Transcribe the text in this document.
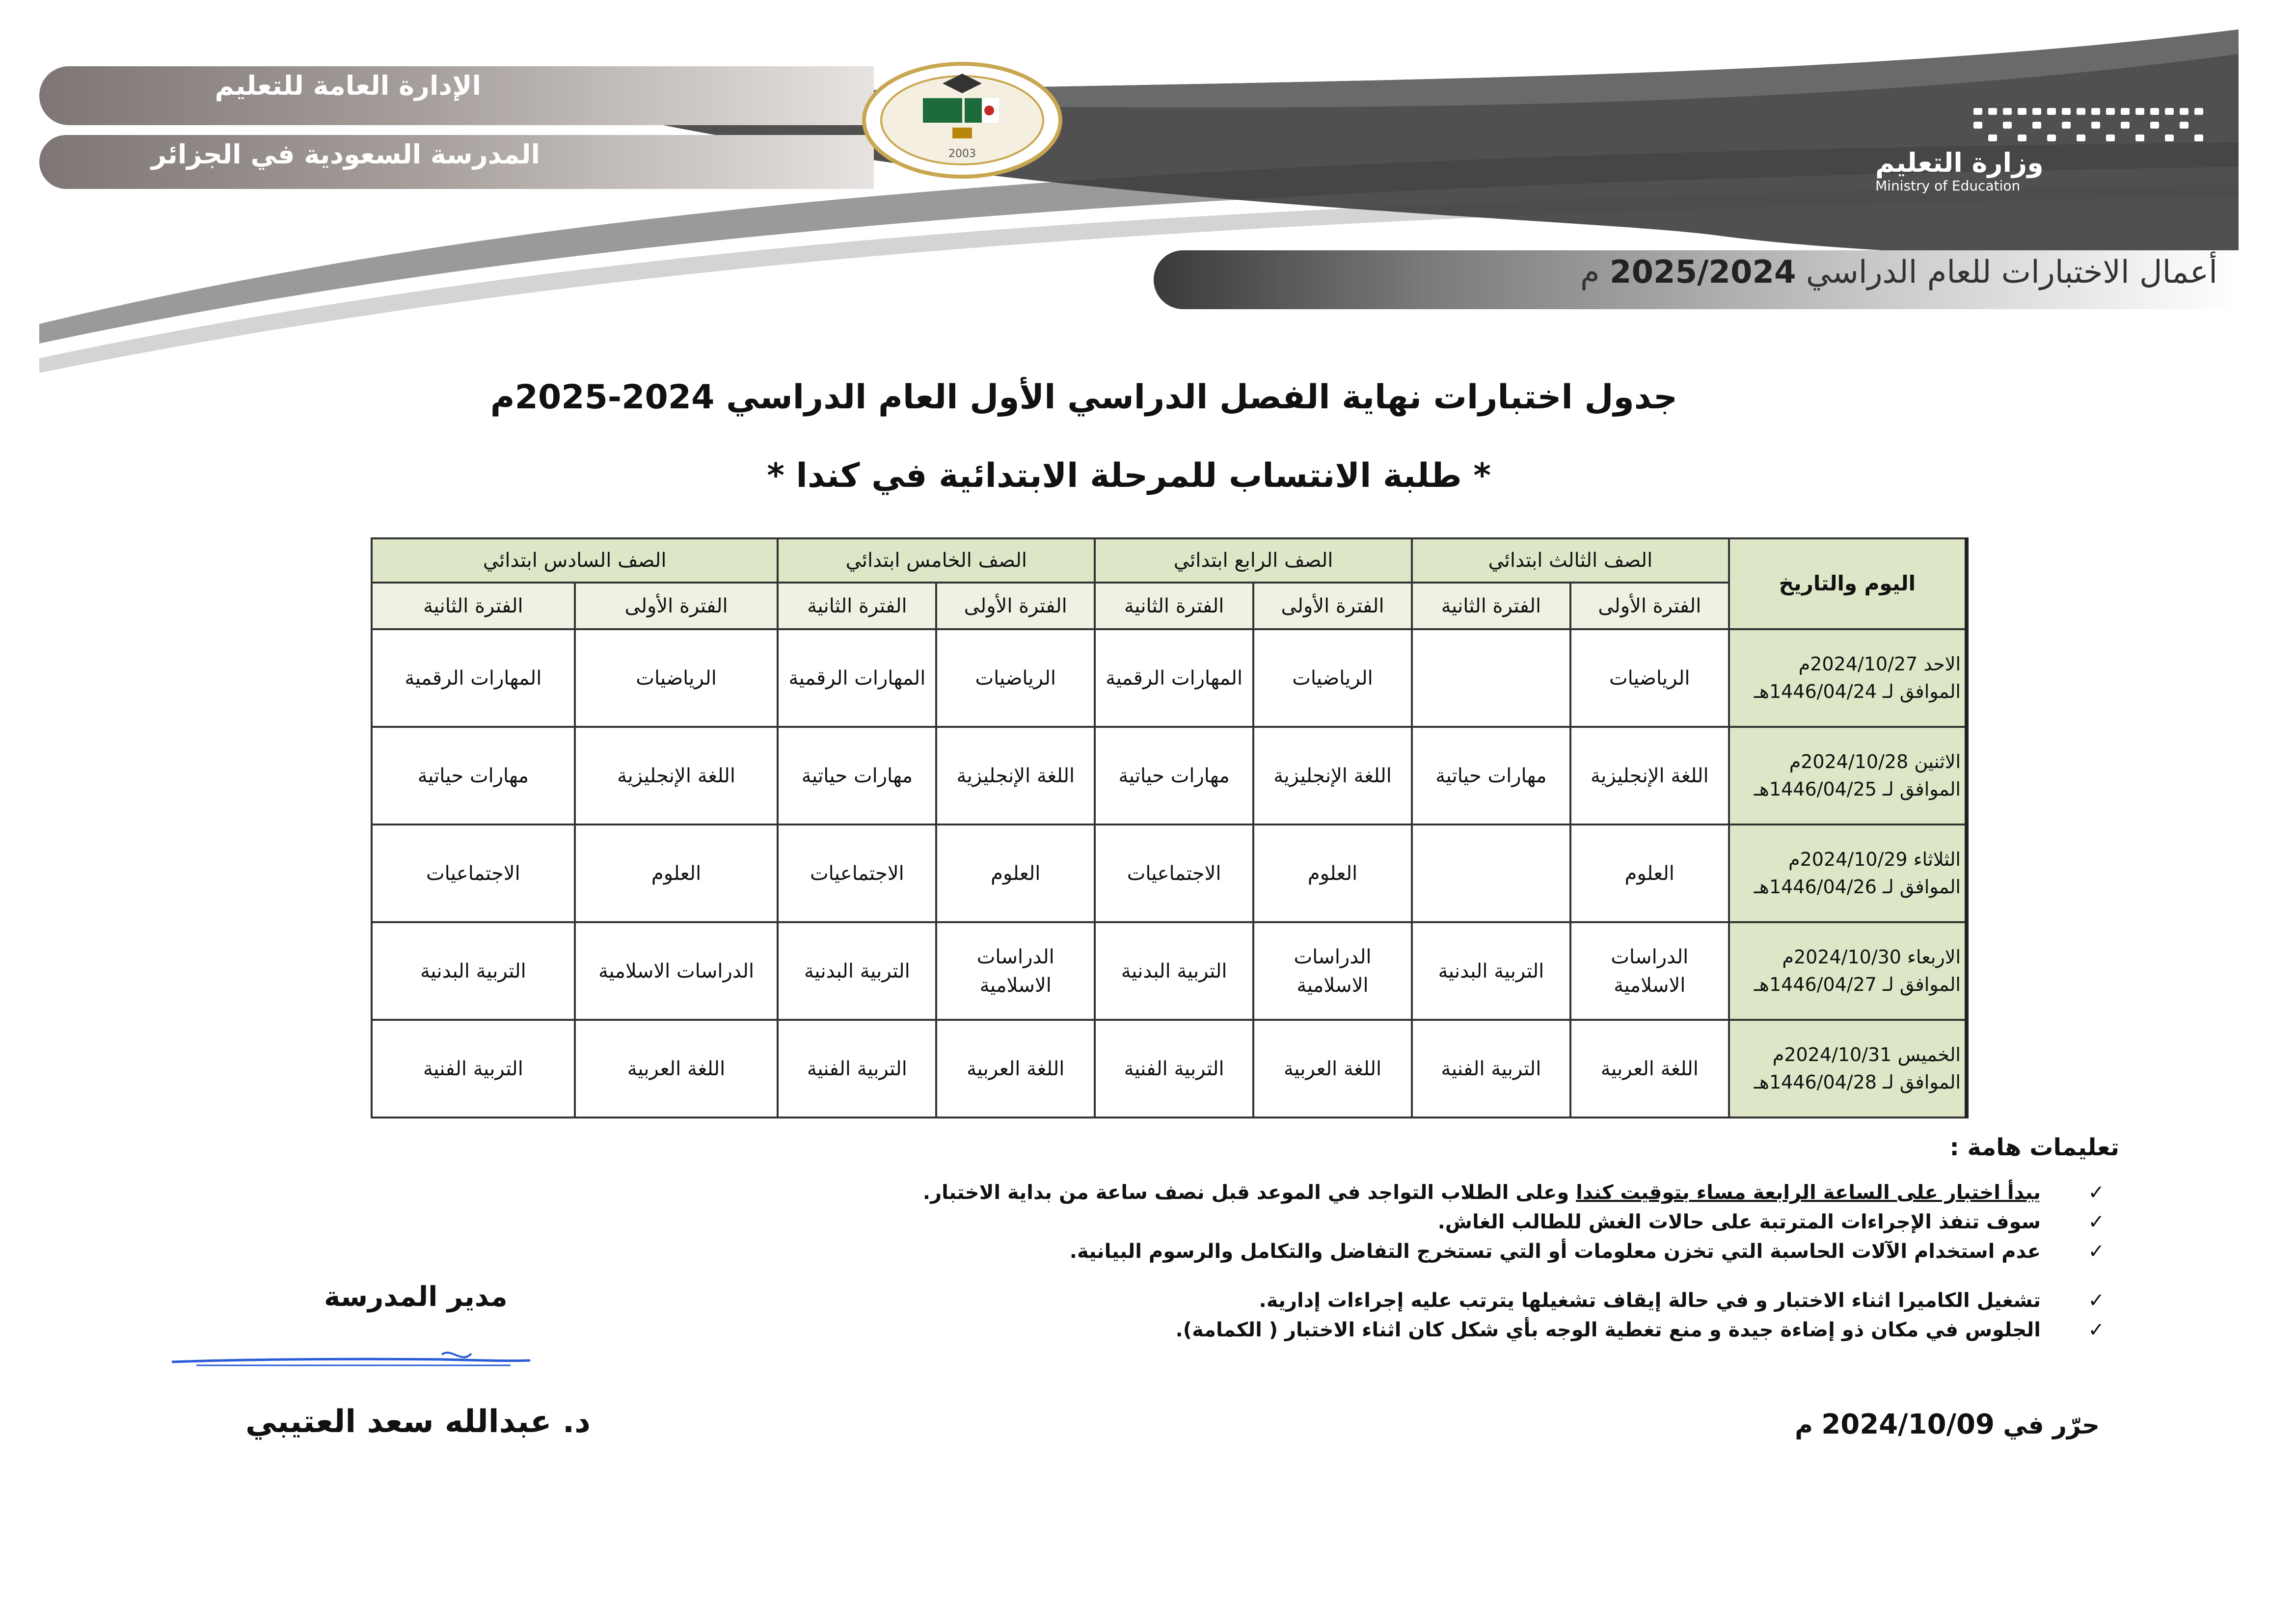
الإدارة العامة للتعليم
المدرسة السعودية في الجزائر	2003	وزارة التعليم
Ministry of Education
أعمال الاختبارات للعام الدراسي 2025/2024 م
جدول اختبارات نهاية الفصل الدراسي الأول العام الدراسي 2024-2025م
* طلبة الانتساب للمرحلة الابتدائية في كندا *
اليوم والتاريخ	الصف الثالث ابتدائي		الصف الرابع ابتدائي		الصف الخامس ابتدائي		الصف السادس ابتدائي	
	الفترة الأولى	الفترة الثانية	الفترة الأولى	الفترة الثانية	الفترة الأولى	الفترة الثانية	الفترة الأولى	الفترة الثانية

الاحد 2024/10/27م
الموافق لـ 1446/04/24هـ	الرياضيات		الرياضيات	المهارات الرقمية	الرياضيات	المهارات الرقمية	الرياضيات	المهارات الرقمية

الاثنين 2024/10/28م
الموافق لـ 1446/04/25هـ	اللغة الإنجليزية	مهارات حياتية	اللغة الإنجليزية	مهارات حياتية	اللغة الإنجليزية	مهارات حياتية	اللغة الإنجليزية	مهارات حياتية

الثلاثاء 2024/10/29م
الموافق لـ 1446/04/26هـ	العلوم		العلوم	الاجتماعيات	العلوم	الاجتماعيات	العلوم	الاجتماعيات

الاربعاء 2024/10/30م
الموافق لـ 1446/04/27هـ	الدراسات الاسلامية	التربية البدنية	الدراسات الاسلامية	التربية البدنية	الدراسات الاسلامية	التربية البدنية	الدراسات الاسلامية	التربية البدنية

الخميس 2024/10/31م
الموافق لـ 1446/04/28هـ	اللغة العربية	التربية الفنية	اللغة العربية	التربية الفنية	اللغة العربية	التربية الفنية	اللغة العربية	التربية الفنية
تعليمات هامة :
✓
يبدأ اختبار على الساعة الرابعة مساء بتوقيت كندا وعلى الطلاب التواجد في الموعد قبل نصف ساعة من بداية الاختبار.
✓
سوف تنفذ الإجراءات المترتبة على حالات الغش للطالب الغاش.
✓
عدم استخدام الآلات الحاسبة التي تخزن معلومات أو التي تستخرج التفاضل والتكامل والرسوم البيانية.
✓
تشغيل الكاميرا اثناء الاختبار و في حالة إيقاف تشغيلها يترتب عليه إجراءات إدارية.
✓
الجلوس في مكان ذو إضاءة جيدة و منع تغطية الوجه بأي شكل كان اثناء الاختبار ( الكمامة).
مدير المدرسة
د. عبدالله سعد العتيبي	حرّر في 2024/10/09 م
